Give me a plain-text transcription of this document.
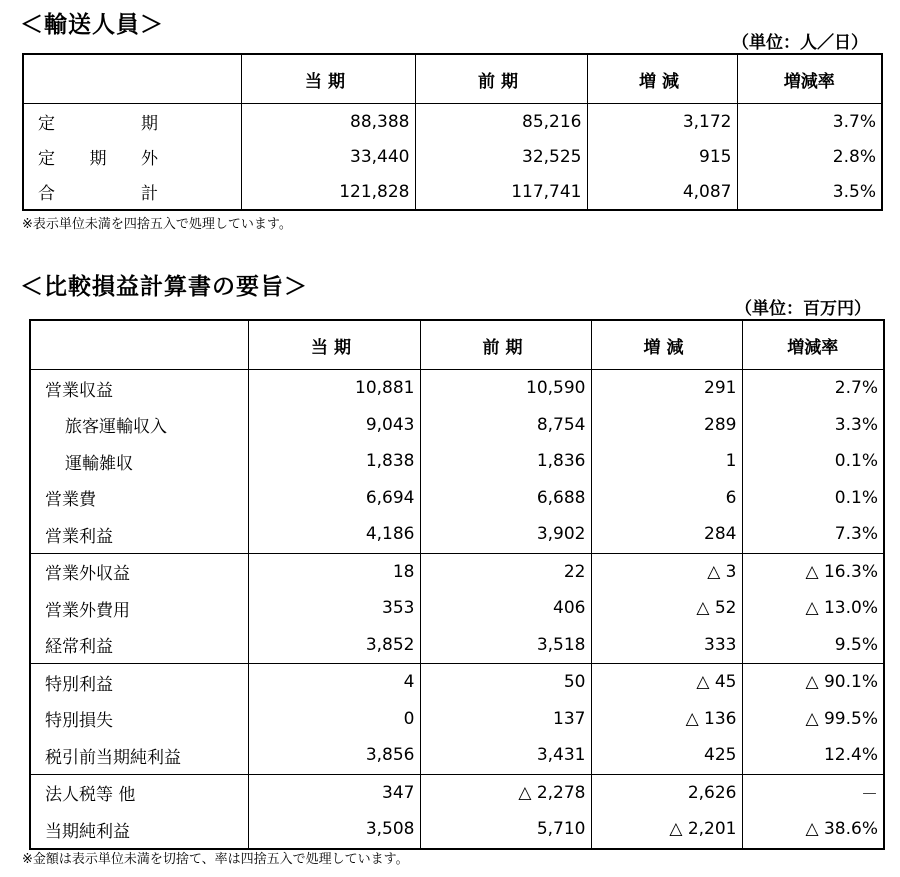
＜輸送人員＞
（単位：人／日）
	当期	前期	増減	増減率

定 期	88,388	85,216	3,172	3.7%

定 期 外	33,440	32,525	915	2.8%

合 計	121,828	117,741	4,087	3.5%
※表示単位未満を四捨五入で処理しています。
＜比較損益計算書の要旨＞
（単位：百万円）
	当期	前期	増減	増減率
営業収益	10,881	10,590	291	2.7%
旅客運輸収入	9,043	8,754	289	3.3%
運輸雑収	1,838	1,836	1	0.1%
営業費	6,694	6,688	6	0.1%
営業利益	4,186	3,902	284	7.3%
営業外収益	18	22	△ 3	△ 16.3%
営業外費用	353	406	△ 52	△ 13.0%
経常利益	3,852	3,518	333	9.5%
特別利益	4	50	△ 45	△ 90.1%
特別損失	0	137	△ 136	△ 99.5%
税引前当期純利益	3,856	3,431	425	12.4%
法人税等 他	347	△ 2,278	2,626	－
当期純利益	3,508	5,710	△ 2,201	△ 38.6%
※金額は表示単位未満を切捨て、率は四捨五入で処理しています。
